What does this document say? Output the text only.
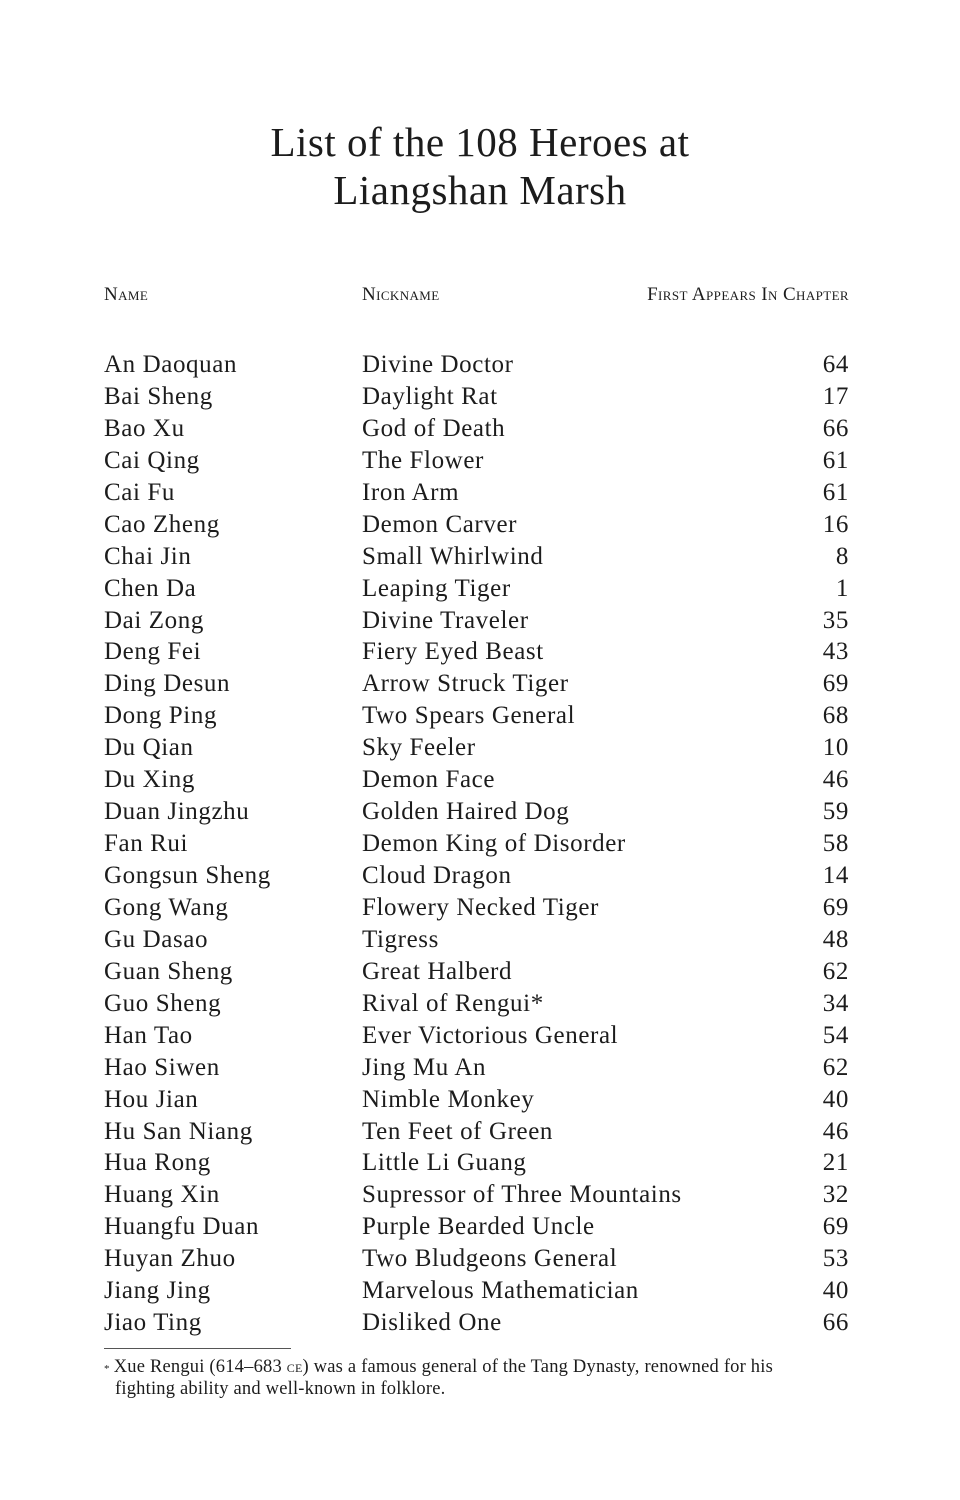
List of the 108 Heroes at
Liangshan Marsh
Name	Nickname	First Appears In Chapter
An Daoquan	Divine Doctor	64
Bai Sheng	Daylight Rat	17
Bao Xu	God of Death	66
Cai Qing	The Flower	61
Cai Fu	Iron Arm	61
Cao Zheng	Demon Carver	16
Chai Jin	Small Whirlwind	8
Chen Da	Leaping Tiger	1
Dai Zong	Divine Traveler	35
Deng Fei	Fiery Eyed Beast	43
Ding Desun	Arrow Struck Tiger	69
Dong Ping	Two Spears General	68
Du Qian	Sky Feeler	10
Du Xing	Demon Face	46
Duan Jingzhu	Golden Haired Dog	59
Fan Rui	Demon King of Disorder	58
Gongsun Sheng	Cloud Dragon	14
Gong Wang	Flowery Necked Tiger	69
Gu Dasao	Tigress	48
Guan Sheng	Great Halberd	62
Guo Sheng	Rival of Rengui*	34
Han Tao	Ever Victorious General	54
Hao Siwen	Jing Mu An	62
Hou Jian	Nimble Monkey	40
Hu San Niang	Ten Feet of Green	46
Hua Rong	Little Li Guang	21
Huang Xin	Supressor of Three Mountains	32
Huangfu Duan	Purple Bearded Uncle	69
Huyan Zhuo	Two Bludgeons General	53
Jiang Jing	Marvelous Mathematician	40
Jiao Ting	Disliked One	66
* Xue Rengui (614–683 ce) was a famous general of the Tang Dynasty, renowned for his
fighting ability and well-known in folklore.
